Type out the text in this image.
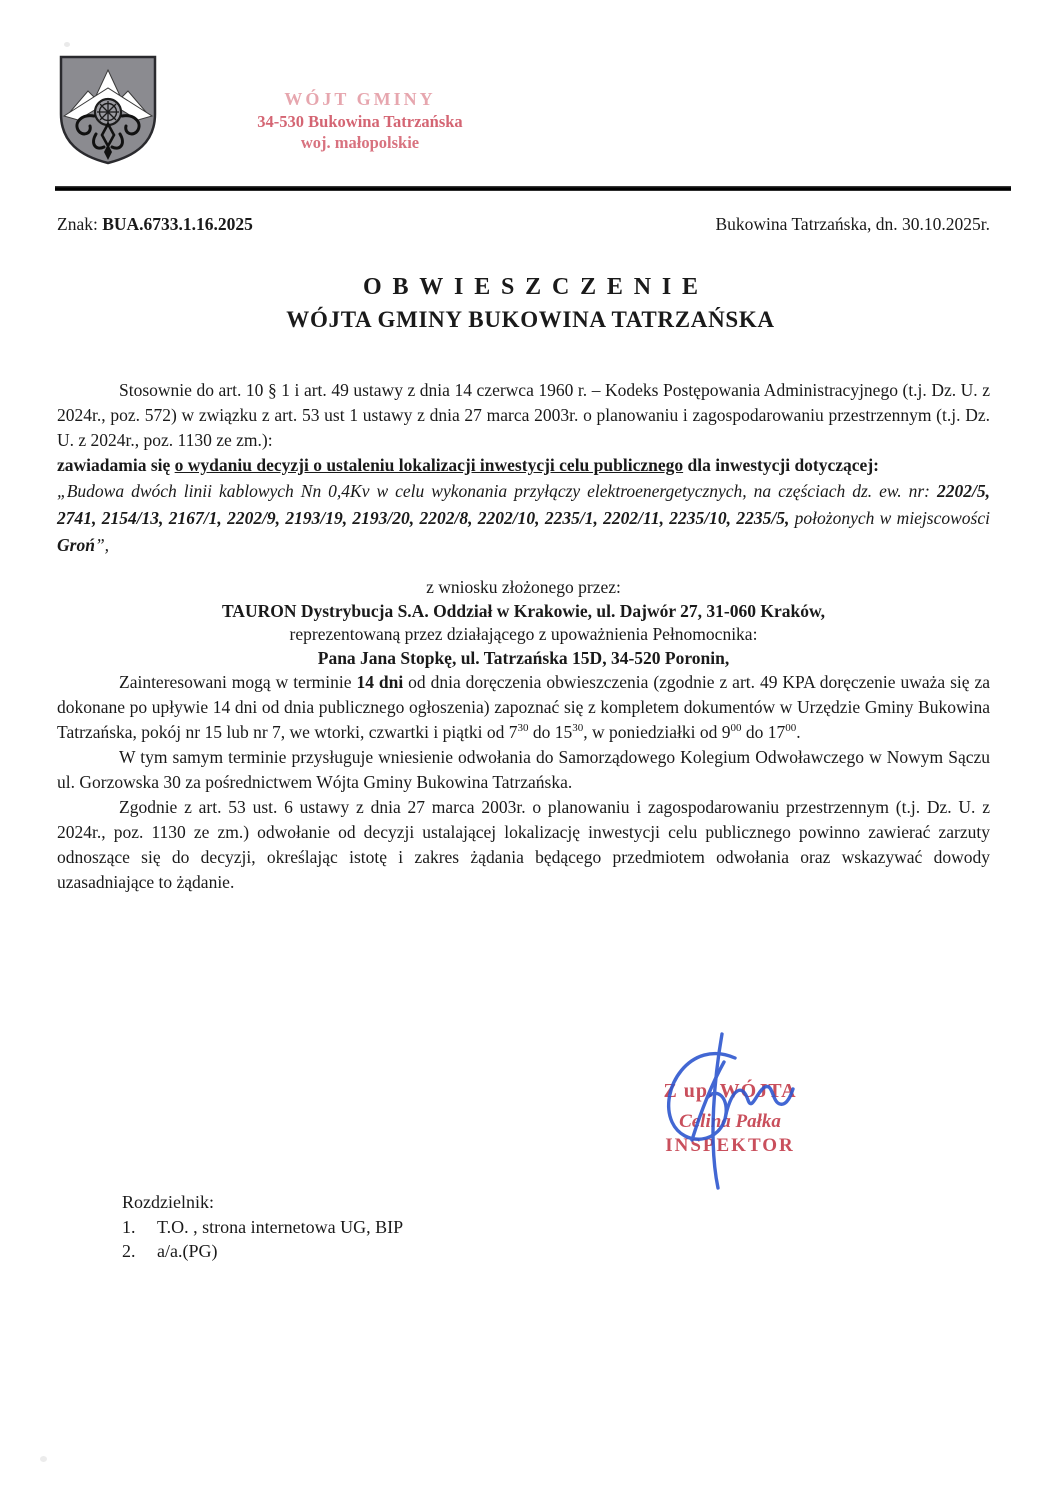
WÓJT GMINY
34-530 Bukowina Tatrzańska
woj. małopolskie
Znak: BUA.6733.1.16.2025	Bukowina Tatrzańska, dn. 30.10.2025r.
OBWIESZCZENIE
WÓJTA GMINY BUKOWINA TATRZAŃSKA

Stosownie do art. 10 § 1 i art. 49 ustawy z dnia 14 czerwca 1960 r. – Kodeks Postępowania Administracyjnego (t.j. Dz. U. z 2024r., poz. 572) w związku z art. 53 ust 1 ustawy z dnia 27 marca 2003r. o planowaniu i zagospodarowaniu przestrzennym (t.j. Dz. U. z 2024r., poz. 1130 ze zm.):

zawiadamia się o wydaniu decyzji o ustaleniu lokalizacji inwestycji celu publicznego dla inwestycji dotyczącej:

„Budowa dwóch linii kablowych Nn 0,4Kv w celu wykonania przyłączy elektroenergetycznych, na częściach dz. ew. nr: 2202/5, 2741, 2154/13, 2167/1, 2202/9, 2193/19, 2193/20, 2202/8, 2202/10, 2235/1, 2202/11, 2235/10, 2235/5, położonych w miejscowości Groń”,

z wniosku złożonego przez:
TAURON Dystrybucja S.A. Oddział w Krakowie, ul. Dajwór 27, 31-060 Kraków,
reprezentowaną przez działającego z upoważnienia Pełnomocnika:
Pana Jana Stopkę, ul. Tatrzańska 15D, 34-520 Poronin,

Zainteresowani mogą w terminie 14 dni od dnia doręczenia obwieszczenia (zgodnie z art. 49 KPA doręczenie uważa się za dokonane po upływie 14 dni od dnia publicznego ogłoszenia) zapoznać się z kompletem dokumentów w Urzędzie Gminy Bukowina Tatrzańska, pokój nr 15 lub nr 7, we wtorki, czwartki i piątki od $7^{30}$ do $15^{30}$, w poniedziałki od $9^{00}$ do $17^{00}$.

W tym samym terminie przysługuje wniesienie odwołania do Samorządowego Kolegium Odwoławczego w Nowym Sączu ul. Gorzowska 30 za pośrednictwem Wójta Gminy Bukowina Tatrzańska.

Zgodnie z art. 53 ust. 6 ustawy z dnia 27 marca 2003r. o planowaniu i zagospodarowaniu przestrzennym (t.j. Dz. U. z 2024r., poz. 1130 ze zm.) odwołanie od decyzji ustalającej lokalizację inwestycji celu publicznego powinno zawierać zarzuty odnoszące się do decyzji, określając istotę i zakres żądania będącego przedmiotem odwołania oraz wskazywać dowody uzasadniające to żądanie.

Z up. WÓJTA
Celina Pałka
INSPEKTOR
Rozdzielnik:
1.	T.O. , strona internetowa UG, BIP
2.	a/a.(PG)
